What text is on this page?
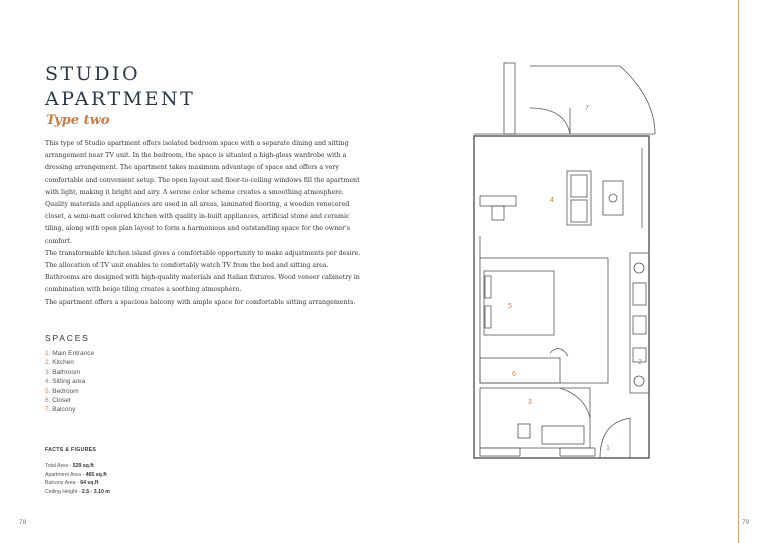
STUDIO
APARTMENT
Type two

This type of Studio apartment offers isolated bedroom space with a separate dining and sitting arrangement near TV unit. In the bedroom, the space is situated a high-gloss wardrobe with a dressing arrangement. The apartment takes maximum advantage of space and offers a very comfortable and convenient setup. The open layout and floor-to-ceiling windows fill the apartment with light, making it bright and airy. A serene color scheme creates a smoothing atmosphere. Quality materials and appliances are used in all areas, laminated flooring, a wooden venecered closet, a semi-matt colored kitchen with quality in-built appliances, artificial stone and ceramic tiling, along with open plan layout to form a harmonious and outstanding space for the owner's comfort.

The transformable kitchen island gives a comfortable opportunity to make adjustments per desire.

The allocation of TV unit enables to comfortably watch TV from the bed and sitting area.

Bathrooms are designed with high-quality materials and Italian fixtures. Wood veneer cabinetry in combination with beige tiling creates a soothing atmosphere.

The apartment offers a spacious balcony with ample space for comfortable sitting arrangements.

SPACES
1. Main Entrance
2. Kitchen
3. Bathroom
4. Sitting area
5. Bedroom
6. Closet
7. Balcony
FACTS & FIGURES
Total Area - 529 sq.ft
Apartment Area - 465 sq.ft
Balcony Area - 64 sq.ft
Ceiling Height - 2.5 - 3.10 m
7
4
5
2
6
3
1
78	79
